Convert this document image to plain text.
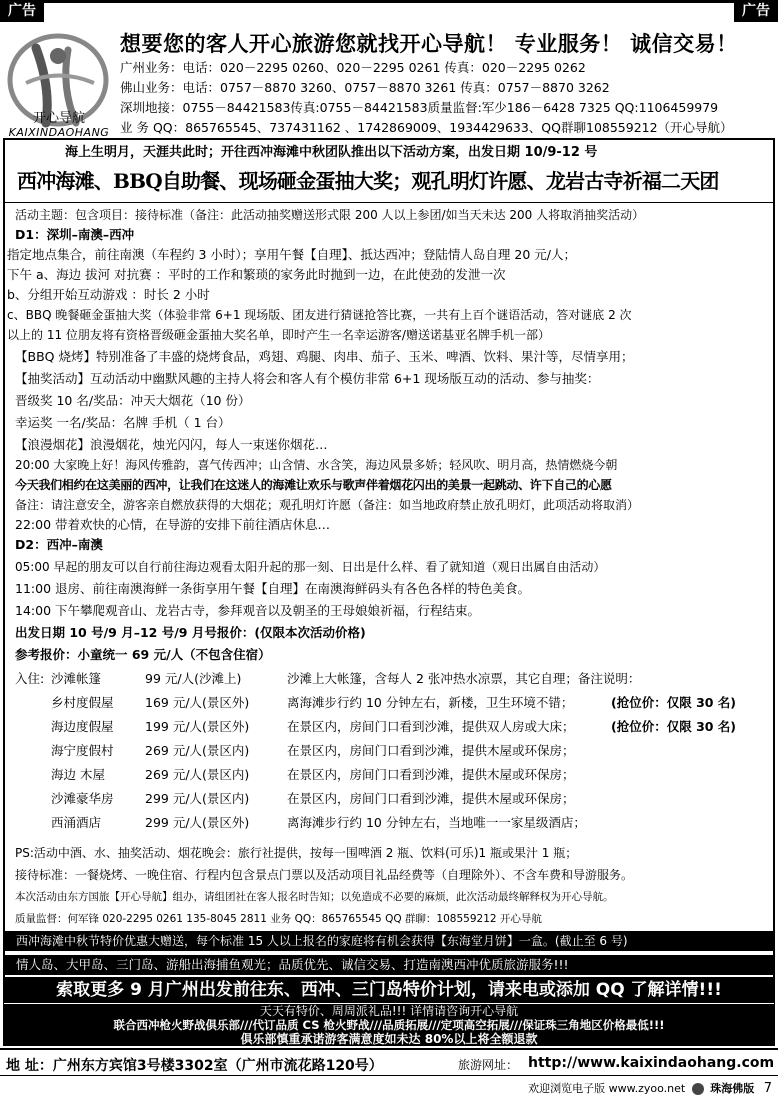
广告	广告
开心导航
KAIXINDAOHANG
想要您的客人开心旅游您就找开心导航！ 专业服务！ 诚信交易！
广州业务：电话：020－2295 0260、020－2295 0261 传真：020－2295 0262
佛山业务：电话：0757－8870 3260、0757－8870 3261 传真：0757－8870 3262
深圳地接：0755－84421583传真:0755－84421583质量监督:军少186－6428 7325 QQ:1106459979
业 务 QQ：865765545、737431162 、1742869009、1934429633、QQ群聊108559212（开心导航）
海上生明月，天涯共此时；开往西冲海滩中秋团队推出以下活动方案，出发日期 10/9-12 号
西冲海滩、BBQ自助餐、现场砸金蛋抽大奖；观孔明灯许愿、龙岩古寺祈福二天团
活动主题：包含项目：接待标准（备注：此活动抽奖赠送形式限 200 人以上参团/如当天未达 200 人将取消抽奖活动）
D1：深圳–南澳–西冲
指定地点集合，前往南澳（车程约 3 小时）；享用午餐【自理】、抵达西冲；登陆情人岛自理 20 元/人；
下午 a、海边 拔河 对抗赛 ：平时的工作和繁琐的家务此时抛到一边，在此使劲的发泄一次
b、分组开始互动游戏 ：时长 2 小时
c、BBQ 晚餐砸金蛋抽大奖（体验非常 6+1 现场版、团友进行猜谜抢答比赛，一共有上百个谜语活动，答对谜底 2 次
以上的 11 位朋友将有资格晋级砸金蛋抽大奖名单，即时产生一名幸运游客/赠送诺基亚名牌手机一部）
【BBQ 烧烤】特别准备了丰盛的烧烤食品，鸡翅、鸡腿、肉串、茄子、玉米、啤酒、饮料、果汁等，尽情享用；
【抽奖活动】互动活动中幽默风趣的主持人将会和客人有个模仿非常 6+1 现场版互动的活动、参与抽奖：
晋级奖 10 名/奖品：冲天大烟花（10 份）
幸运奖 一名/奖品：名牌 手机（ 1 台）
【浪漫烟花】浪漫烟花，烛光闪闪，每人一束迷你烟花…
20:00 大家晚上好！海风传雅韵，喜气传西冲；山含情、水含笑，海边风景多娇；轻风吹、明月高，热情燃烧今朝
今天我们相约在这美丽的西冲，让我们在这迷人的海滩让欢乐与歌声伴着烟花闪出的美景一起跳动、许下自己的心愿
备注：请注意安全，游客亲自燃放获得的大烟花；观孔明灯许愿（备注：如当地政府禁止放孔明灯，此项活动将取消）
22:00 带着欢快的心情，在导游的安排下前往酒店休息…
D2：西冲–南澳
05:00 早起的朋友可以自行前往海边观看太阳升起的那一刻、日出是什么样、看了就知道（观日出属自由活动）
11:00 退房、前往南澳海鲜一条街享用午餐【自理】在南澳海鲜码头有各色各样的特色美食。
14:00 下午攀爬观音山、龙岩古寺，参拜观音以及朝圣的王母娘娘祈福，行程结束。
出发日期 10 号/9 月–12 号/9 月号报价：(仅限本次活动价格)
参考报价：小童统一 69 元/人（不包含住宿）
入住: 沙滩帐篷	99 元/人(沙滩上)	沙滩上大帐篷，含每人 2 张冲热水凉票，其它自理；备注说明：
乡村度假屋	169 元/人(景区外)	离海滩步行约 10 分钟左右，新楼，卫生环境不错；	(抢位价：仅限 30 名)
海边度假屋	199 元/人(景区外)	在景区内，房间门口看到沙滩，提供双人房或大床；	(抢位价：仅限 30 名)
海宁度假村	269 元/人(景区内)	在景区内，房间门口看到沙滩，提供木屋或环保房；
海边 木屋	269 元/人(景区内)	在景区内，房间门口看到沙滩，提供木屋或环保房；
沙滩豪华房	299 元/人(景区内)	在景区内，房间门口看到沙滩，提供木屋或环保房；
西涌酒店	299 元/人(景区外)	离海滩步行约 10 分钟左右，当地唯一一家星级酒店；
PS:活动中酒、水、抽奖活动、烟花晚会：旅行社提供，按每一围啤酒 2 瓶、饮料(可乐)1 瓶或果汁 1 瓶；
接待标准：一餐烧烤、一晚住宿、行程内包含景点门票以及活动项目礼品经费等（自理除外）、不含车费和导游服务。
本次活动由东方国旅【开心导航】组办，请组团社在客人报名时告知；以免造成不必要的麻烦，此次活动最终解释权为开心导航。
质量监督：何军锋 020-2295 0261 135-8045 2811 业务 QQ：865765545 QQ 群聊：108559212 开心导航
西冲海滩中秋节特价优惠大赠送，每个标准 15 人以上报名的家庭将有机会获得【东海堂月饼】一盒。(截止至 6 号)
情人岛、大甲岛、三门岛、游船出海捕鱼观光；品质优先、诚信交易、打造南澳西冲优质旅游服务!!!
索取更多 9 月广州出发前往东、西冲、三门岛特价计划，请来电或添加 QQ 了解详情!!!
天天有特价、周周派礼品!!! 详情请咨询开心导航
联合西冲枪火野战俱乐部///代订品质 CS 枪火野战///品质拓展///定项高空拓展///保证珠三角地区价格最低!!!
俱乐部慎重承诺游客满意度如未达 80%以上将全额退款
地 址：广州东方宾馆3号楼3302室（广州市流花路120号）	旅游网址： http://www.kaixindaohang.com
欢迎浏览电子版 www.zyoo.net 珠海佛版 7
